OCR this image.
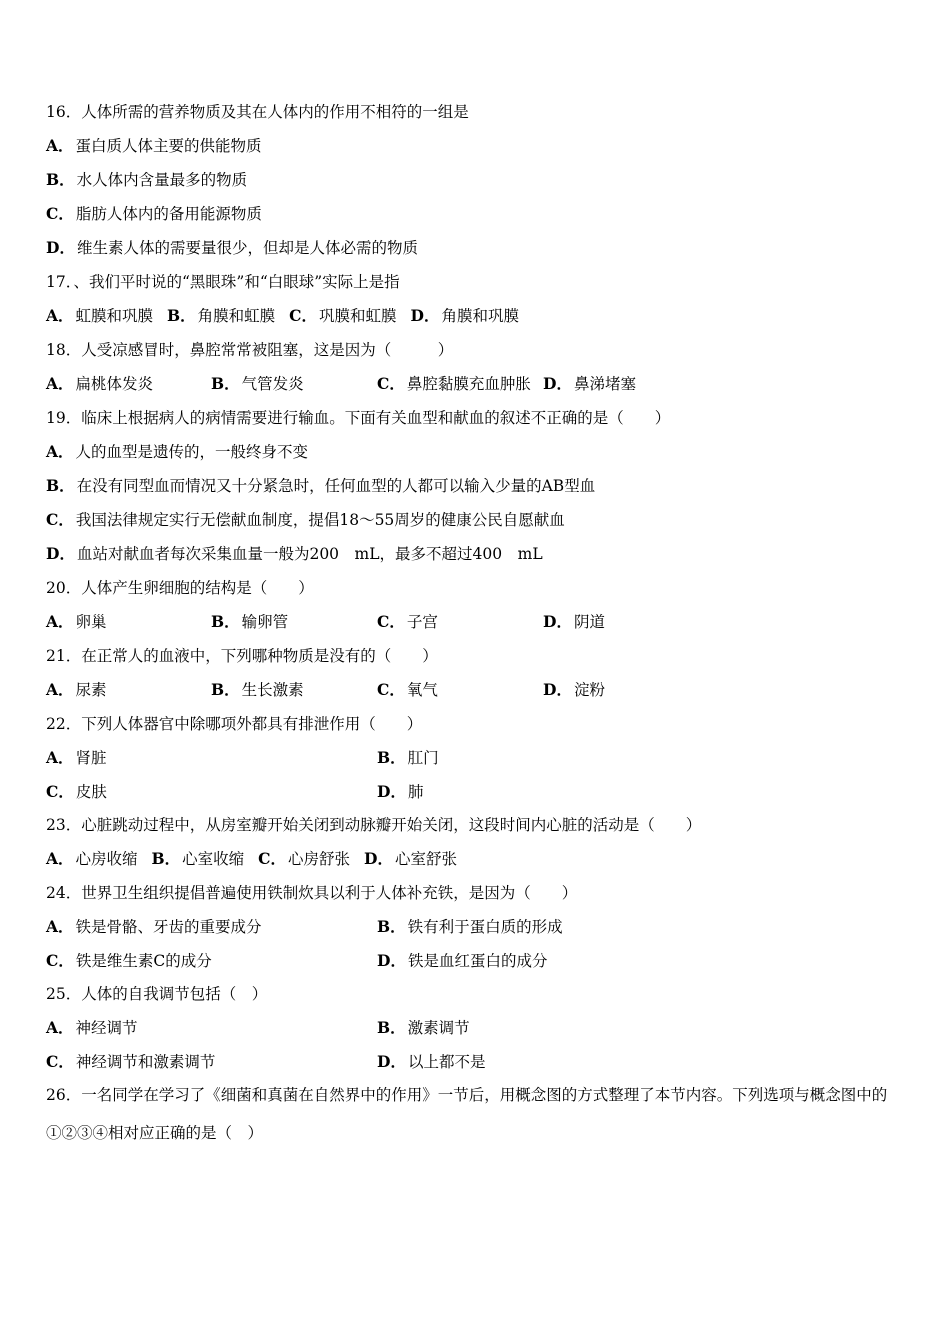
16．人体所需的营养物质及其在人体内的作用不相符的一组是
A． 蛋白质人体主要的供能物质
B． 水人体内含量最多的物质
C． 脂肪人体内的备用能源物质
D． 维生素人体的需要量很少，但却是人体必需的物质
17．、我们平时说的“黑眼珠”和“白眼球”实际上是指
A． 虹膜和巩膜 B． 角膜和虹膜 C． 巩膜和虹膜 D． 角膜和巩膜
18．人受凉感冒时，鼻腔常常被阻塞，这是因为（　　　）
A． 扁桃体发炎	B． 气管发炎	C． 鼻腔黏膜充血肿胀 D． 鼻涕堵塞
19．临床上根据病人的病情需要进行输血。下面有关血型和献血的叙述不正确的是（　　）
A． 人的血型是遗传的，一般终身不变
B． 在没有同型血而情况又十分紧急时，任何血型的人都可以输入少量的AB型血
C． 我国法律规定实行无偿献血制度，提倡18～55周岁的健康公民自愿献血
D． 血站对献血者每次采集血量一般为200　mL，最多不超过400　mL
20．人体产生卵细胞的结构是（　　）
A． 卵巢	B． 输卵管	C． 子宫	D． 阴道
21．在正常人的血液中，下列哪种物质是没有的（　　）
A． 尿素	B． 生长激素	C． 氧气	D． 淀粉
22．下列人体器官中除哪项外都具有排泄作用（　　）
A． 肾脏	B． 肛门
C． 皮肤	D． 肺
23．心脏跳动过程中，从房室瓣开始关闭到动脉瓣开始关闭，这段时间内心脏的活动是（　　）
A． 心房收缩 B． 心室收缩 C． 心房舒张 D． 心室舒张
24．世界卫生组织提倡普遍使用铁制炊具以利于人体补充铁，是因为（　　）
A． 铁是骨骼、牙齿的重要成分	B． 铁有利于蛋白质的形成
C． 铁是维生素C的成分	D． 铁是血红蛋白的成分
25．人体的自我调节包括（　）
A． 神经调节	B． 激素调节
C． 神经调节和激素调节	D． 以上都不是
26．一名同学在学习了《细菌和真菌在自然界中的作用》一节后，用概念图的方式整理了本节内容。下列选项与概念图中的①②③④相对应正确的是（　）
